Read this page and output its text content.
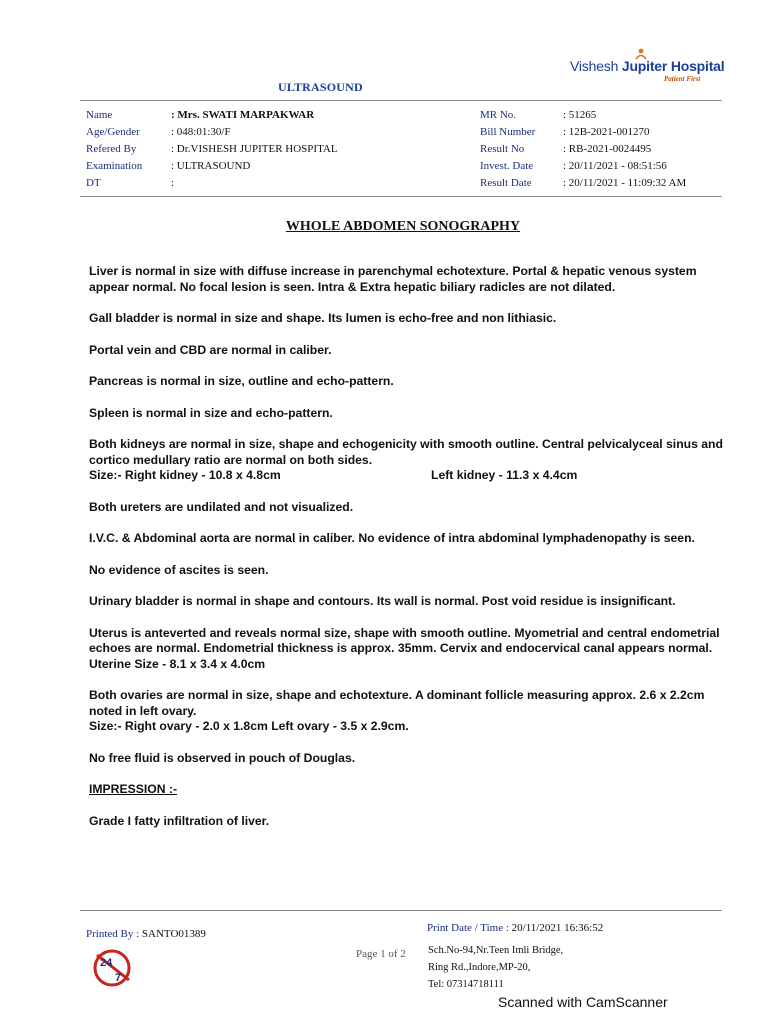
ULTRASOUND
Vishesh Jupiter Hospital
Patient First
Name	: Mrs. SWATI MARPAKWAR
Age/Gender	: 048:01:30/F
Refered By	: Dr.VISHESH JUPITER HOSPITAL
Examination	: ULTRASOUND
DT	:
MR No.	: 51265
Bill Number	: 12B-2021-001270
Result No	: RB-2021-0024495
Invest. Date	: 20/11/2021 - 08:51:56
Result Date	: 20/11/2021 - 11:09:32 AM
WHOLE ABDOMEN SONOGRAPHY

Liver is normal in size with diffuse increase in parenchymal echotexture. Portal & hepatic venous system appear normal. No focal lesion is seen. Intra & Extra hepatic biliary radicles are not dilated.

Gall bladder is normal in size and shape. Its lumen is echo-free and non lithiasic.

Portal vein and CBD are normal in caliber.

Pancreas is normal in size, outline and echo-pattern.

Spleen is normal in size and echo-pattern.

Both kidneys are normal in size, shape and echogenicity with smooth outline. Central pelvicalyceal sinus and cortico medullary ratio are normal on both sides.

Size:- Right kidney - 10.8 x 4.8cm	Left kidney - 11.3 x 4.4cm

Both ureters are undilated and not visualized.

I.V.C. & Abdominal aorta are normal in caliber. No evidence of intra abdominal lymphadenopathy is seen.

No evidence of ascites is seen.

Urinary bladder is normal in shape and contours. Its wall is normal. Post void residue is insignificant.

Uterus is anteverted and reveals normal size, shape with smooth outline. Myometrial and central endometrial echoes are normal. Endometrial thickness is approx. 35mm. Cervix and endocervical canal appears normal.

Uterine Size - 8.1 x 3.4 x 4.0cm

Both ovaries are normal in size, shape and echotexture. A dominant follicle measuring approx. 2.6 x 2.2cm noted in left ovary.

Size:- Right ovary - 2.0 x 1.8cm Left ovary - 3.5 x 2.9cm.

No free fluid is observed in pouch of Douglas.

IMPRESSION :-

Grade I fatty infiltration of liver.

Printed By : SANTO01389	Print Date / Time : 20/11/2021 16:36:52
24
7
Page 1 of 2 Sch.No-94,Nr.Teen Imli Bridge,
Ring Rd.,Indore,MP-20,
Tel: 07314718111
Scanned with CamScanner
